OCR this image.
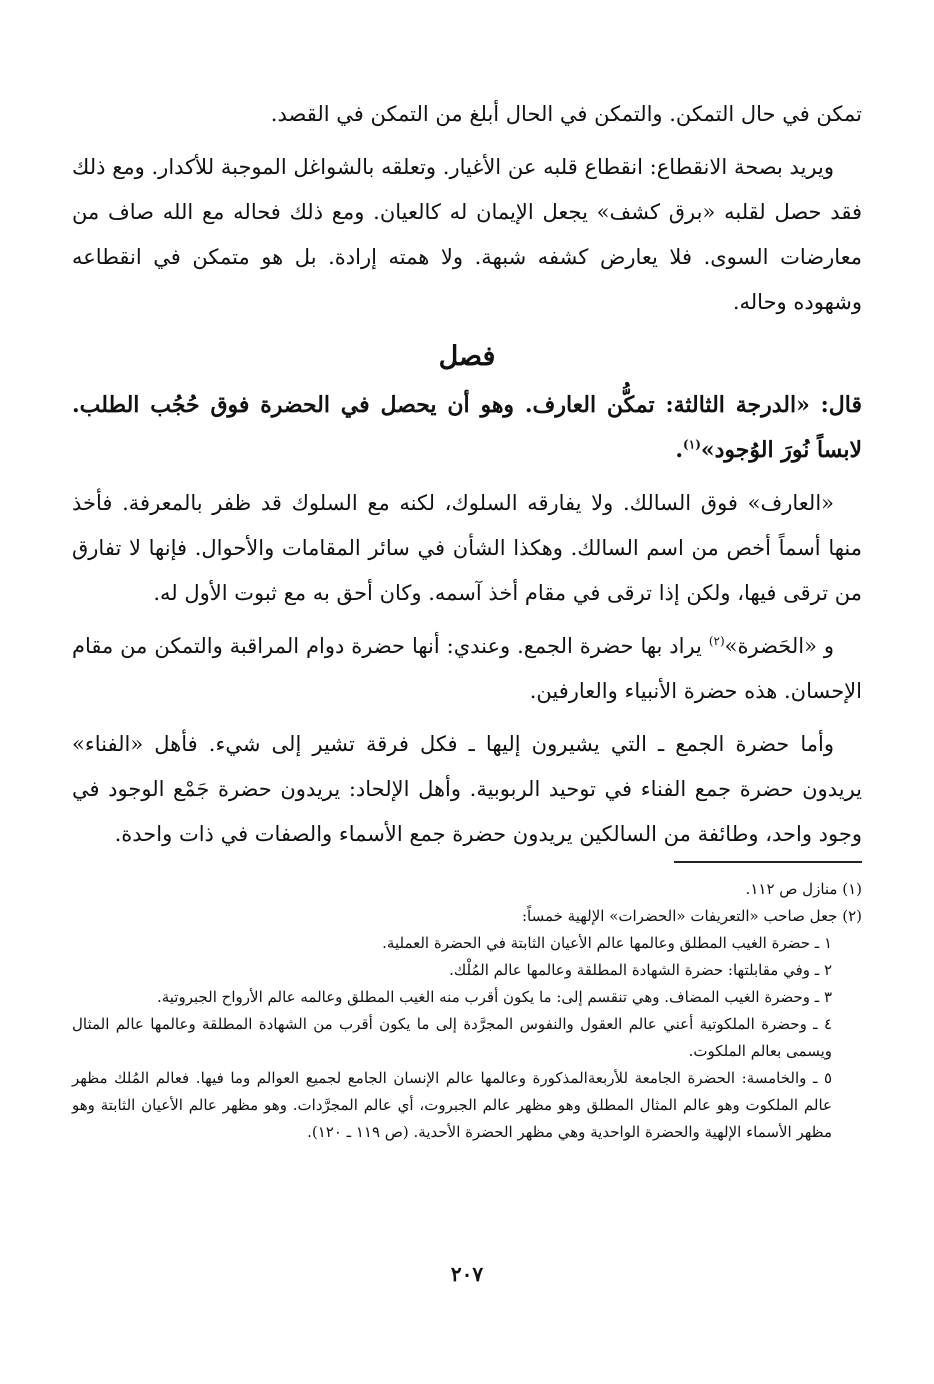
تمكن في حال التمكن. والتمكن في الحال أبلغ من التمكن في القصد.

ويريد بصحة الانقطاع: انقطاع قلبه عن الأغيار. وتعلقه بالشواغل الموجبة للأكدار. ومع ذلك فقد حصل لقلبه «برق كشف» يجعل الإيمان له كالعيان. ومع ذلك فحاله مع الله صاف من معارضات السوى. فلا يعارض كشفه شبهة. ولا همته إرادة. بل هو متمكن في انقطاعه وشهوده وحاله.

فصل

قال: «الدرجة الثالثة: تمكُّن العارف. وهو أن يحصل في الحضرة فوق حُجُب الطلب. لابساً نُورَ الوُجود»$^{(١)}$.

«العارف» فوق السالك. ولا يفارقه السلوك، لكنه مع السلوك قد ظفر بالمعرفة. فأخذ منها أسماً أخص من اسم السالك. وهكذا الشأن في سائر المقامات والأحوال. فإنها لا تفارق من ترقى فيها، ولكن إذا ترقى في مقام أخذ آسمه. وكان أحق به مع ثبوت الأول له.

و «الحَضرة»$^{(٢)}$ يراد بها حضرة الجمع. وعندي: أنها حضرة دوام المراقبة والتمكن من مقام الإحسان. هذه حضرة الأنبياء والعارفين.

وأما حضرة الجمع ـ التي يشيرون إليها ـ فكل فرقة تشير إلى شيء. فأهل «الفناء» يريدون حضرة جمع الفناء في توحيد الربوبية. وأهل الإلحاد: يريدون حضرة جَمْع الوجود في وجود واحد، وطائفة من السالكين يريدون حضرة جمع الأسماء والصفات في ذات واحدة.

(١) منازل ص ١١٢.

(٢) جعل صاحب «التعريفات «الحضرات» الإلهية خمساً:

١ ـ حضرة الغيب المطلق وعالمها عالم الأعيان الثابتة في الحضرة العملية.

٢ ـ وفي مقابلتها: حضرة الشهادة المطلقة وعالمها عالم المُلْك.

٣ ـ وحضرة الغيب المضاف. وهي تنقسم إلى: ما يكون أقرب منه الغيب المطلق وعالمه عالم الأرواح الجبروتية.

٤ ـ وحضرة الملكوتية أعني عالم العقول والنفوس المجرَّدة إلى ما يكون أقرب من الشهادة المطلقة وعالمها عالم المثال ويسمى بعالم الملكوت.

٥ ـ والخامسة: الحضرة الجامعة للأربعةالمذكورة وعالمها عالم الإنسان الجامع لجميع العوالم وما فيها. فعالم المُلك مظهر عالم الملكوت وهو عالم المثال المطلق وهو مظهر عالم الجبروت، أي عالم المجرَّدات. وهو مظهر عالم الأعيان الثابتة وهو مظهر الأسماء الإلهية والحضرة الواحدية وهي مظهر الحضرة الأحدية. (ص ١١٩ ـ ١٢٠).

٢٠٧
